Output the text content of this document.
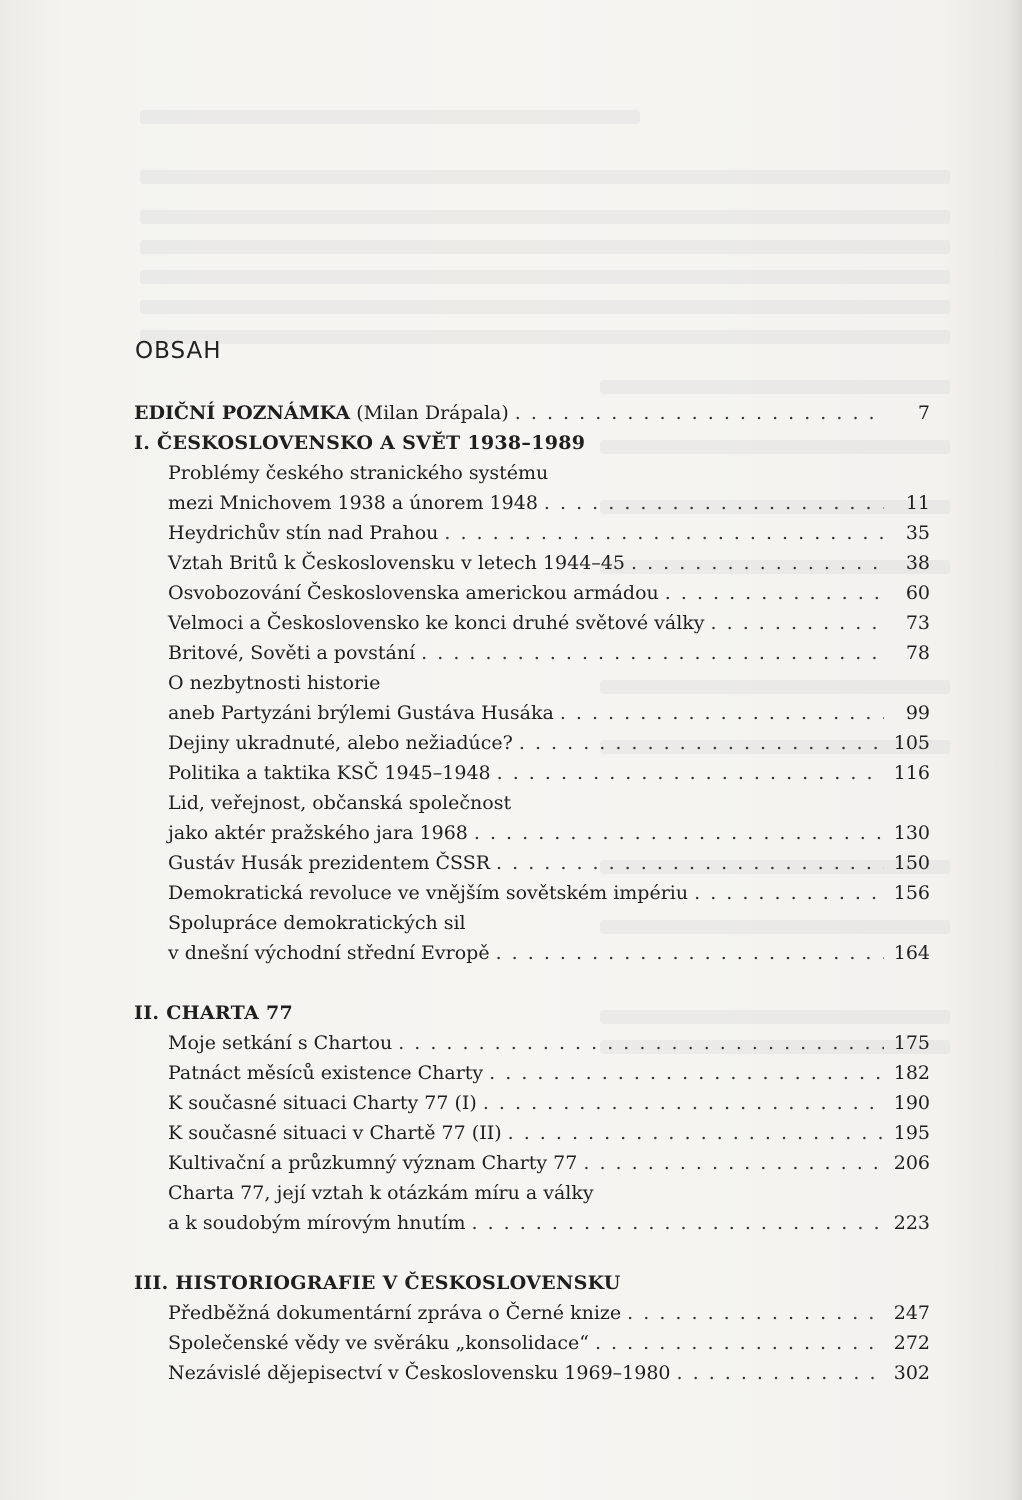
OBSAH
EDIČNÍ POZNÁMKA (Milan Drápala) . . .	7
I. ČESKOSLOVENSKO A SVĚT 1938–1989
Problémy českého stranického systému
mezi Mnichovem 1938 a únorem 1948 . . .	11
Heydrichův stín nad Prahou . . .	35
Vztah Britů k Československu v letech 1944–45 . . .	38
Osvobozování Československa americkou armádou . . .	60
Velmoci a Československo ke konci druhé světové války . . .	73
Britové, Sověti a povstání . . .	78
O nezbytnosti historie
aneb Partyzáni brýlemi Gustáva Husáka . . .	99
Dejiny ukradnuté, alebo nežiadúce? . . .	105
Politika a taktika KSČ 1945–1948 . . .	116
Lid, veřejnost, občanská společnost
jako aktér pražského jara 1968 . . .	130
Gustáv Husák prezidentem ČSSR . . .	150
Demokratická revoluce ve vnějším sovětském impériu . . .	156
Spolupráce demokratických sil
v dnešní východní střední Evropě . . .	164
II. CHARTA 77
Moje setkání s Chartou . . .	175
Patnáct měsíců existence Charty . . .	182
K současné situaci Charty 77 (I) . . .	190
K současné situaci v Chartě 77 (II) . . .	195
Kultivační a průzkumný význam Charty 77 . . .	206
Charta 77, její vztah k otázkám míru a války
a k soudobým mírovým hnutím . . .	223
III. HISTORIOGRAFIE V ČESKOSLOVENSKU
Předběžná dokumentární zpráva o Černé knize . . .	247
Společenské vědy ve svěráku „konsolidace“ . . .	272
Nezávislé dějepisectví v Československu 1969–1980 . . .	302
